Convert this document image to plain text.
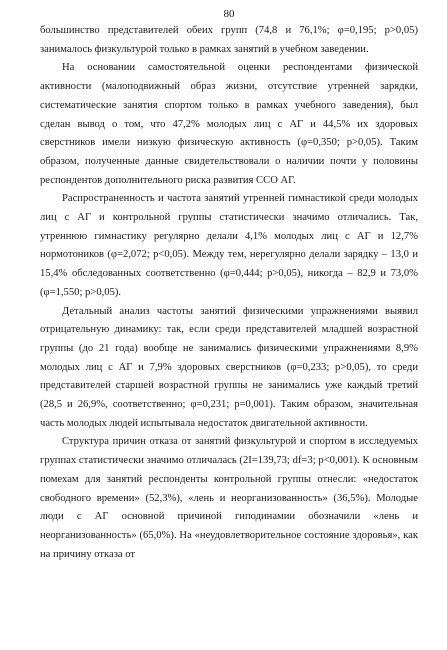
80

большинство представителей обеих групп (74,8 и 76,1%; φ=0,195; p>0,05) занималось физкультурой только в рамках занятий в учебном заведении.

На основании самостоятельной оценки респондентами физической активности (малоподвижный образ жизни, отсутствие утренней зарядки, систематические занятия спортом только в рамках учебного заведения), был сделан вывод о том, что 47,2% молодых лиц с АГ и 44,5% их здоровых сверстников имели низкую физическую активность (φ=0,350; p>0,05). Таким образом, полученные данные свидетельствовали о наличии почти у половины респондентов дополнительного риска развития ССО АГ.

Распространенность и частота занятий утренней гимнастикой среди молодых лиц с АГ и контрольной группы статистически значимо отличались. Так, утреннюю гимнастику регулярно делали 4,1% молодых лиц с АГ и 12,7% нормотоников (φ=2,072; p<0,05). Между тем, нерегулярно делали зарядку – 13,0 и 15,4% обследованных соответственно (φ=0,444; p>0,05), никогда – 82,9 и 73,0% (φ=1,550; p>0,05).

Детальный анализ частоты занятий физическими упражнениями выявил отрицательную динамику: так, если среди представителей младшей возрастной группы (до 21 года) вообще не занимались физическими упражнениями 8,9% молодых лиц с АГ и 7,9% здоровых сверстников (φ=0,233; p>0,05), то среди представителей старшей возрастной группы не занимались уже каждый третий (28,5 и 26,9%, соответственно; φ=0,231; p=0,001). Таким образом, значительная часть молодых людей испытывала недостаток двигательной активности.

Структура причин отказа от занятий физкультурой и спортом в исследуемых группах статистически значимо отличалась (2I=139,73; df=3; p<0,001). К основным помехам для занятий респонденты контрольной группы отнесли: «недостаток свободного времени» (52,3%), «лень и неорганизованность» (36,5%). Молодые люди с АГ основной причиной гиподинамии обозначили «лень и неорганизованность» (65,0%). На «неудовлетворительное состояние здоровья», как на причину отказа от
